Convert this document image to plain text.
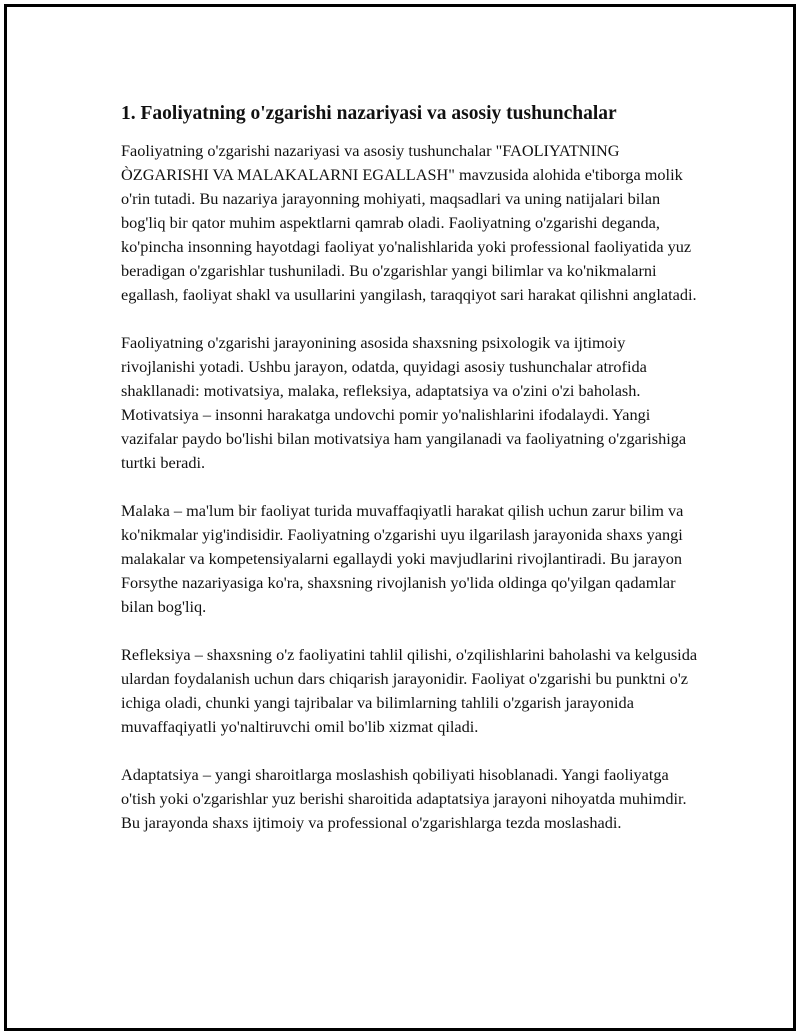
1. Faoliyatning o'zgarishi nazariyasi va asosiy tushunchalar

Faoliyatning o'zgarishi nazariyasi va asosiy tushunchalar "FAOLIYATNING ÒZGARISHI VA MALAKALARNI EGALLASH" mavzusida alohida e'tiborga molik o'rin tutadi. Bu nazariya jarayonning mohiyati, maqsadlari va uning natijalari bilan bog'liq bir qator muhim aspektlarni qamrab oladi. Faoliyatning o'zgarishi deganda, ko'pincha insonning hayotdagi faoliyat yo'nalishlarida yoki professional faoliyatida yuz beradigan o'zgarishlar tushuniladi. Bu o'zgarishlar yangi bilimlar va ko'nikmalarni egallash, faoliyat shakl va usullarini yangilash, taraqqiyot sari harakat qilishni anglatadi.

Faoliyatning o'zgarishi jarayonining asosida shaxsning psixologik va ijtimoiy rivojlanishi yotadi. Ushbu jarayon, odatda, quyidagi asosiy tushunchalar atrofida shakllanadi: motivatsiya, malaka, refleksiya, adaptatsiya va o'zini o'zi baholash. Motivatsiya – insonni harakatga undovchi pomir yo'nalishlarini ifodalaydi. Yangi vazifalar paydo bo'lishi bilan motivatsiya ham yangilanadi va faoliyatning o'zgarishiga turtki beradi.

Malaka – ma'lum bir faoliyat turida muvaffaqiyatli harakat qilish uchun zarur bilim va ko'nikmalar yig'indisidir. Faoliyatning o'zgarishi uyu ilgarilash jarayonida shaxs yangi malakalar va kompetensiyalarni egallaydi yoki mavjudlarini rivojlantiradi. Bu jarayon Forsythe nazariyasiga ko'ra, shaxsning rivojlanish yo'lida oldinga qo'yilgan qadamlar bilan bog'liq.

Refleksiya – shaxsning o'z faoliyatini tahlil qilishi, o'zqilishlarini baholashi va kelgusida ulardan foydalanish uchun dars chiqarish jarayonidir. Faoliyat o'zgarishi bu punktni o'z ichiga oladi, chunki yangi tajribalar va bilimlarning tahlili o'zgarish jarayonida muvaffaqiyatli yo'naltiruvchi omil bo'lib xizmat qiladi.

Adaptatsiya – yangi sharoitlarga moslashish qobiliyati hisoblanadi. Yangi faoliyatga o'tish yoki o'zgarishlar yuz berishi sharoitida adaptatsiya jarayoni nihoyatda muhimdir. Bu jarayonda shaxs ijtimoiy va professional o'zgarishlarga tezda moslashadi.
